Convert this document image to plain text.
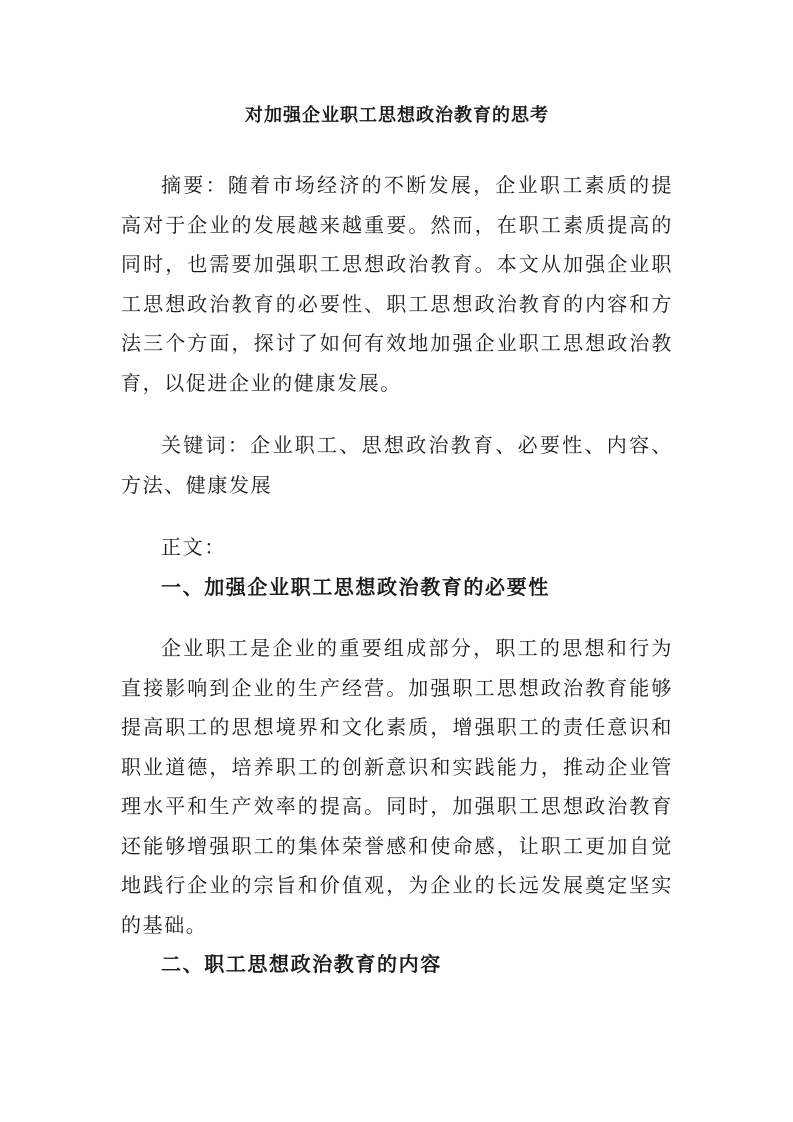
对加强企业职工思想政治教育的思考

摘要：随着市场经济的不断发展，企业职工素质的提高对于企业的发展越来越重要。然而，在职工素质提高的同时，也需要加强职工思想政治教育。本文从加强企业职工思想政治教育的必要性、职工思想政治教育的内容和方法三个方面，探讨了如何有效地加强企业职工思想政治教育，以促进企业的健康发展。

关键词：企业职工、思想政治教育、必要性、内容、方法、健康发展

正文：

一、加强企业职工思想政治教育的必要性

企业职工是企业的重要组成部分，职工的思想和行为直接影响到企业的生产经营。加强职工思想政治教育能够提高职工的思想境界和文化素质，增强职工的责任意识和职业道德，培养职工的创新意识和实践能力，推动企业管理水平和生产效率的提高。同时，加强职工思想政治教育还能够增强职工的集体荣誉感和使命感，让职工更加自觉地践行企业的宗旨和价值观，为企业的长远发展奠定坚实的基础。

二、职工思想政治教育的内容
